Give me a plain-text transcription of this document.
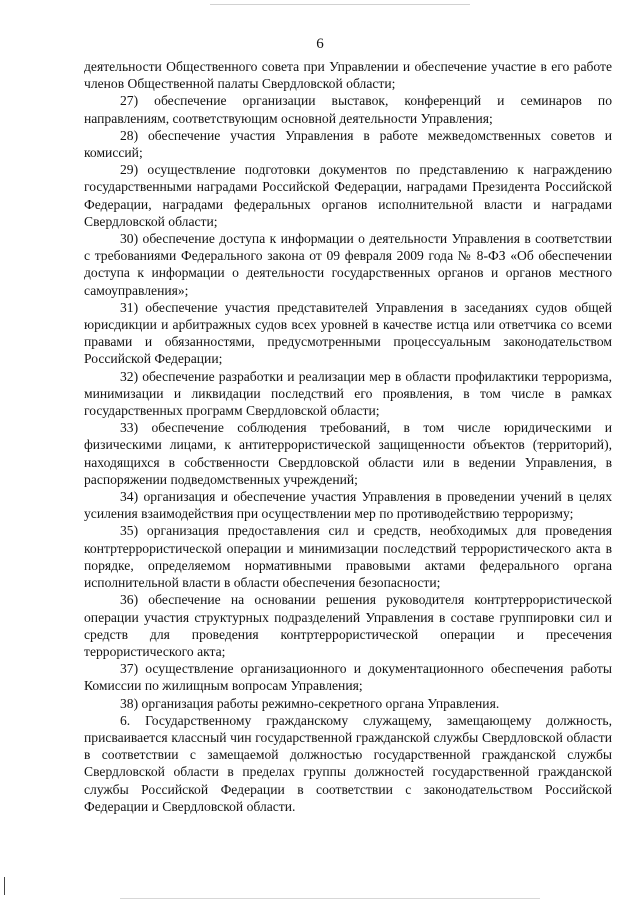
6

деятельности Общественного совета при Управлении и обеспечение участие в его работе членов Общественной палаты Свердловской области;

27) обеспечение организации выставок, конференций и семинаров по направлениям, соответствующим основной деятельности Управления;

28) обеспечение участия Управления в работе межведомственных советов и комиссий;

29) осуществление подготовки документов по представлению к награждению государственными наградами Российской Федерации, наградами Президента Российской Федерации, наградами федеральных органов исполнительной власти и наградами Свердловской области;

30) обеспечение доступа к информации о деятельности Управления в соответствии с требованиями Федерального закона от 09 февраля 2009 года № 8-ФЗ «Об обеспечении доступа к информации о деятельности государственных органов и органов местного самоуправления»;

31) обеспечение участия представителей Управления в заседаниях судов общей юрисдикции и арбитражных судов всех уровней в качестве истца или ответчика со всеми правами и обязанностями, предусмотренными процессуальным законодательством Российской Федерации;

32) обеспечение разработки и реализации мер в области профилактики терроризма, минимизации и ликвидации последствий его проявления, в том числе в рамках государственных программ Свердловской области;

33) обеспечение соблюдения требований, в том числе юридическими и физическими лицами, к антитеррористической защищенности объектов (территорий), находящихся в собственности Свердловской области или в ведении Управления, в распоряжении подведомственных учреждений;

34) организация и обеспечение участия Управления в проведении учений в целях усиления взаимодействия при осуществлении мер по противодействию терроризму;

35) организация предоставления сил и средств, необходимых для проведения контртеррористической операции и минимизации последствий террористического акта в порядке, определяемом нормативными правовыми актами федерального органа исполнительной власти в области обеспечения безопасности;

36) обеспечение на основании решения руководителя контртеррористической операции участия структурных подразделений Управления в составе группировки сил и средств для проведения контртеррористической операции и пресечения террористического акта;

37) осуществление организационного и документационного обеспечения работы Комиссии по жилищным вопросам Управления;

38) организация работы режимно-секретного органа Управления.

6. Государственному гражданскому служащему, замещающему должность, присваивается классный чин государственной гражданской службы Свердловской области в соответствии с замещаемой должностью государственной гражданской службы Свердловской области в пределах группы должностей государственной гражданской службы Российской Федерации в соответствии с законодательством Российской Федерации и Свердловской области.
